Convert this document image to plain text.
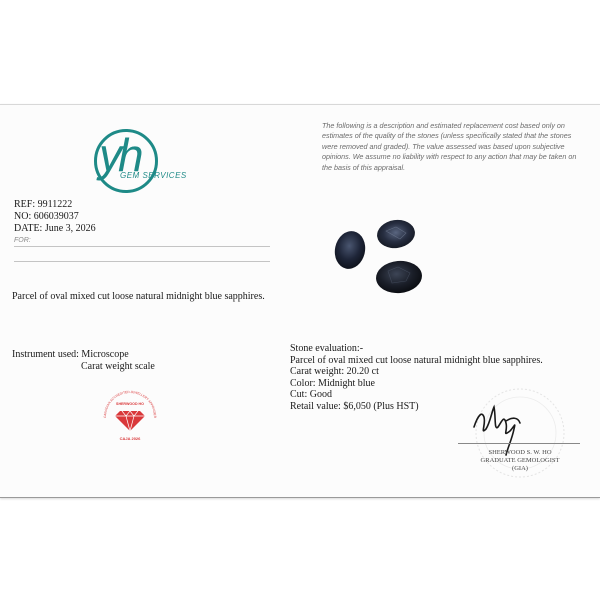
yh
GEM SERVICES
The following is a description and estimated replacement cost based only on estimates of the quality of the stones (unless specifically stated that the stones were removed and graded). The value assessed was based upon subjective opinions. We assume no liability with respect to any action that may be taken on the basis of this appraisal.
REF: 9911222
NO: 606039037
DATE: June 3, 2026
FOR:
Parcel of oval mixed cut loose natural midnight blue sapphires.
Instrument used: Microscope
Carat weight scale
CANADIAN ACCREDITED JEWELLERY APPRAISER
SHERWOOD HO
CAJA 2026
Stone evaluation:-
Parcel of oval mixed cut loose natural midnight blue sapphires.
Carat weight: 20.20 ct
Color: Midnight blue
Cut: Good
Retail value: $6,050 (Plus HST)
SHERWOOD S. W. HO
GRADUATE GEMOLOGIST
(GIA)
